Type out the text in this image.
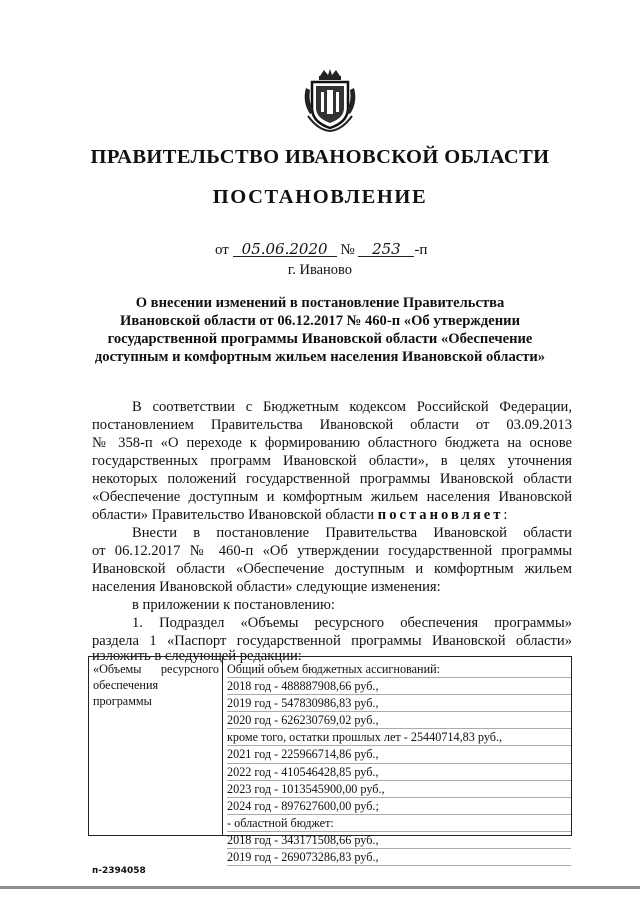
ПРАВИТЕЛЬСТВО ИВАНОВСКОЙ ОБЛАСТИ
ПОСТАНОВЛЕНИЕ
от 05.06.2020 № 253 -п
г. Иваново
О внесении изменений в постановление Правительства
Ивановской области от 06.12.2017 № 460-п «Об утверждении
государственной программы Ивановской области «Обеспечение
доступным и комфортным жильем населения Ивановской области»
В соответствии с Бюджетным кодексом Российской Федерации,
постановлением Правительства Ивановской области от 03.09.2013
№ 358-п «О переходе к формированию областного бюджета на основе
государственных программ Ивановской области», в целях уточнения
некоторых положений государственной программы Ивановской области
«Обеспечение доступным и комфортным жильем населения Ивановской
области» Правительство Ивановской области постановляет:
Внести в постановление Правительства Ивановской области
от 06.12.2017 № 460-п «Об утверждении государственной программы
Ивановской области «Обеспечение доступным и комфортным жильем
населения Ивановской области» следующие изменения:
в приложении к постановлению:
1. Подраздел «Объемы ресурсного обеспечения программы»
раздела 1 «Паспорт государственной программы Ивановской области»
изложить в следующей редакции:
«Объемы ресурсного
обеспечения
программы
Общий объем бюджетных ассигнований:
2018 год - 488887908,66 руб.,
2019 год - 547830986,83 руб.,
2020 год - 626230769,02 руб.,
кроме того, остатки прошлых лет - 25440714,83 руб.,
2021 год - 225966714,86 руб.,
2022 год - 410546428,85 руб.,
2023 год - 1013545900,00 руб.,
2024 год - 897627600,00 руб.;
- областной бюджет:
2018 год - 343171508,66 руб.,
2019 год - 269073286,83 руб.,
п-2394058
